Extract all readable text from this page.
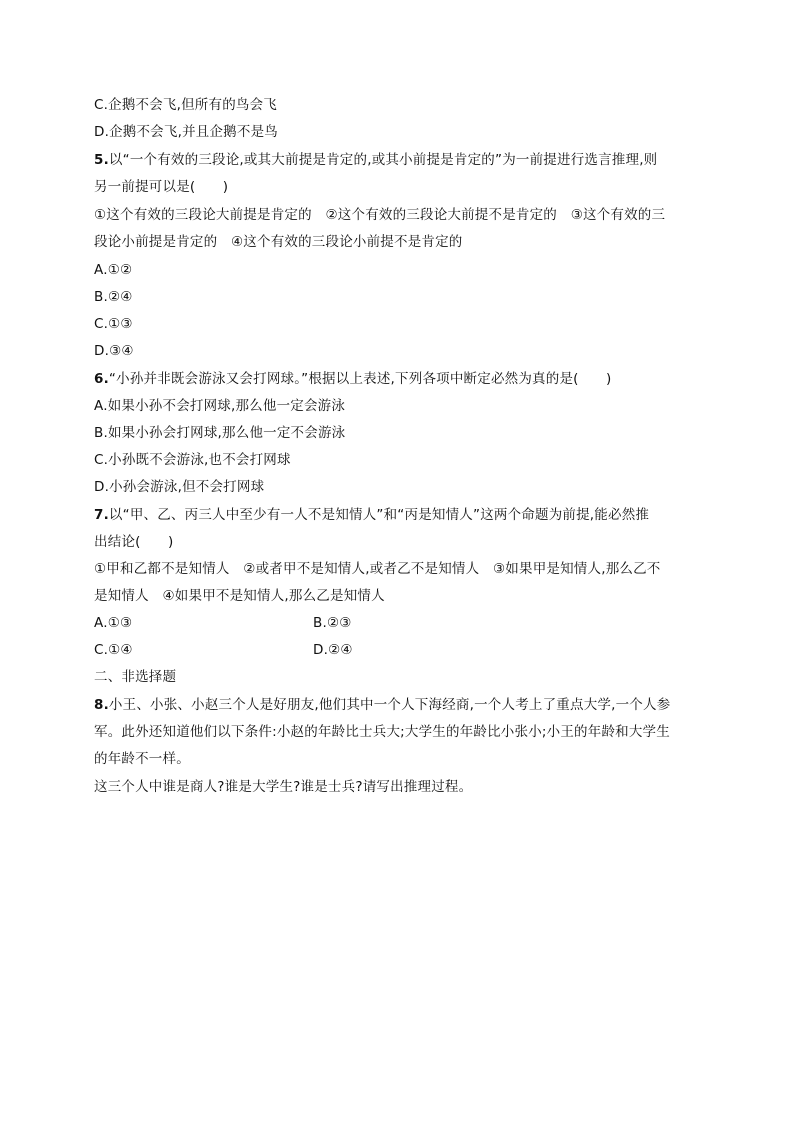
C.企鹅不会飞,但所有的鸟会飞
D.企鹅不会飞,并且企鹅不是鸟
5.以“一个有效的三段论,或其大前提是肯定的,或其小前提是肯定的”为一前提进行选言推理,则
另一前提可以是(　　)
①这个有效的三段论大前提是肯定的　②这个有效的三段论大前提不是肯定的　③这个有效的三
段论小前提是肯定的　④这个有效的三段论小前提不是肯定的
A.①②
B.②④
C.①③
D.③④
6.“小孙并非既会游泳又会打网球。”根据以上表述,下列各项中断定必然为真的是(　　)
A.如果小孙不会打网球,那么他一定会游泳
B.如果小孙会打网球,那么他一定不会游泳
C.小孙既不会游泳,也不会打网球
D.小孙会游泳,但不会打网球
7.以“甲、乙、丙三人中至少有一人不是知情人”和“丙是知情人”这两个命题为前提,能必然推
出结论(　　)
①甲和乙都不是知情人　②或者甲不是知情人,或者乙不是知情人　③如果甲是知情人,那么乙不
是知情人　④如果甲不是知情人,那么乙是知情人
A.①③	B.②③
C.①④	D.②④
二、非选择题
8.小王、小张、小赵三个人是好朋友,他们其中一个人下海经商,一个人考上了重点大学,一个人参
军。此外还知道他们以下条件:小赵的年龄比士兵大;大学生的年龄比小张小;小王的年龄和大学生
的年龄不一样。
这三个人中谁是商人?谁是大学生?谁是士兵?请写出推理过程。
